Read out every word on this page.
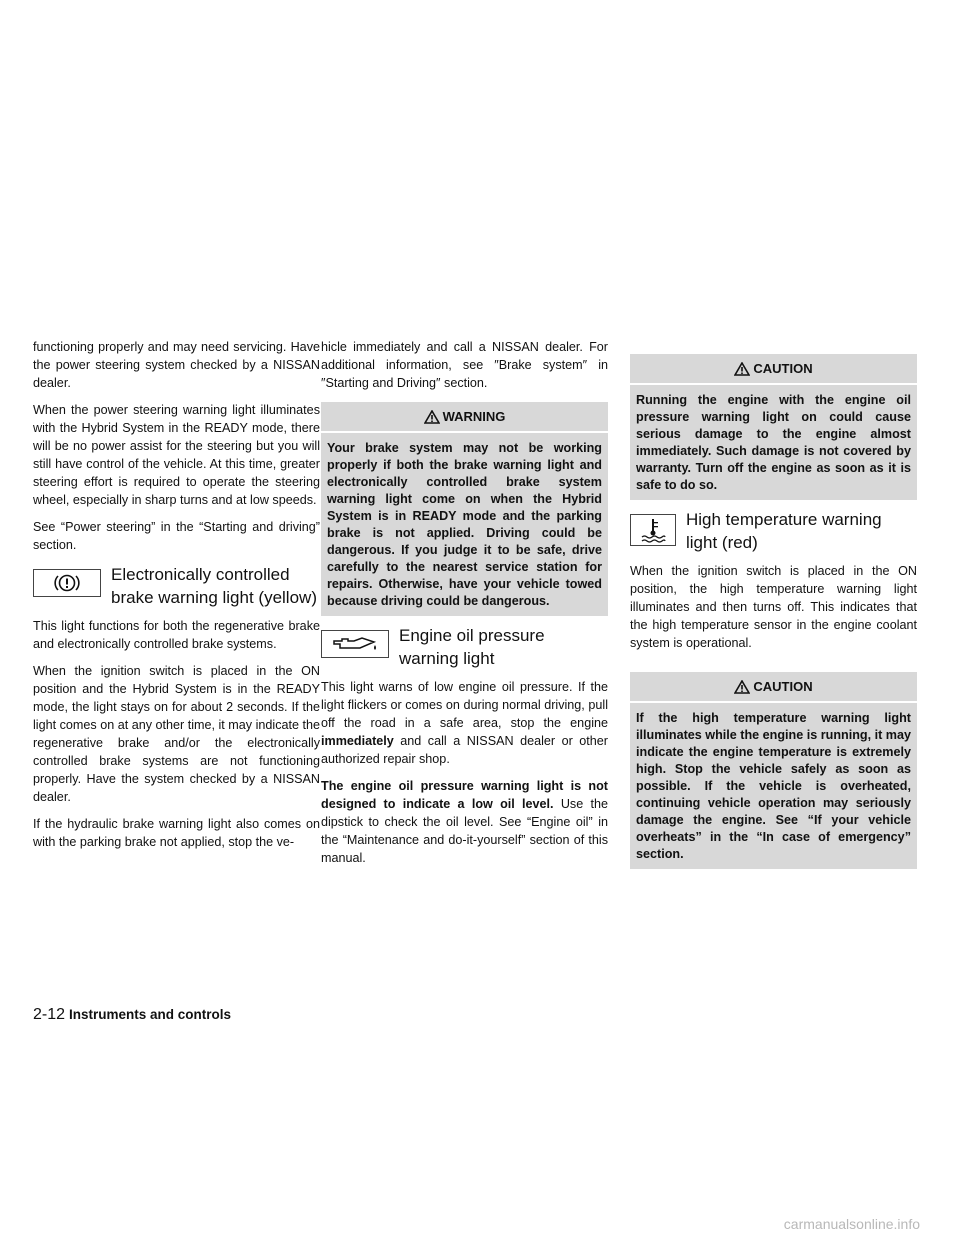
functioning properly and may need servicing. Have the power steering system checked by a NISSAN dealer.

When the power steering warning light illuminates with the Hybrid System in the READY mode, there will be no power assist for the steering but you will still have control of the vehicle. At this time, greater steering effort is required to operate the steering wheel, especially in sharp turns and at low speeds.

See “Power steering” in the “Starting and driving” section.

Electronically controlled brake warning light (yellow)

This light functions for both the regenerative brake and electronically controlled brake systems.

When the ignition switch is placed in the ON position and the Hybrid System is in the READY mode, the light stays on for about 2 seconds. If the light comes on at any other time, it may indicate the regenerative brake and/or the electronically controlled brake systems are not functioning properly. Have the system checked by a NISSAN dealer.

If the hydraulic brake warning light also comes on with the parking brake not applied, stop the ve-

hicle immediately and call a NISSAN dealer. For additional information, see ″Brake system″ in ″Starting and Driving″ section.

WARNING
Your brake system may not be working properly if both the brake warning light and electronically controlled brake system warning light come on when the Hybrid System is in READY mode and the parking brake is not applied. Driving could be dangerous. If you judge it to be safe, drive carefully to the nearest service station for repairs. Otherwise, have your vehicle towed because driving could be dangerous.
Engine oil pressure warning light

This light warns of low engine oil pressure. If the light flickers or comes on during normal driving, pull off the road in a safe area, stop the engine immediately and call a NISSAN dealer or other authorized repair shop.

The engine oil pressure warning light is not designed to indicate a low oil level. Use the dipstick to check the oil level. See “Engine oil” in the “Maintenance and do-it-yourself” section of this manual.

CAUTION
Running the engine with the engine oil pressure warning light on could cause serious damage to the engine almost immediately. Such damage is not covered by warranty. Turn off the engine as soon as it is safe to do so.
High temperature warning light (red)

When the ignition switch is placed in the ON position, the high temperature warning light illuminates and then turns off. This indicates that the high temperature sensor in the engine coolant system is operational.

CAUTION
If the high temperature warning light illuminates while the engine is running, it may indicate the engine temperature is extremely high. Stop the vehicle safely as soon as possible. If the vehicle is overheated, continuing vehicle operation may seriously damage the engine. See “If your vehicle overheats” in the “In case of emergency” section.
2-12 Instruments and controls
carmanualsonline.info
